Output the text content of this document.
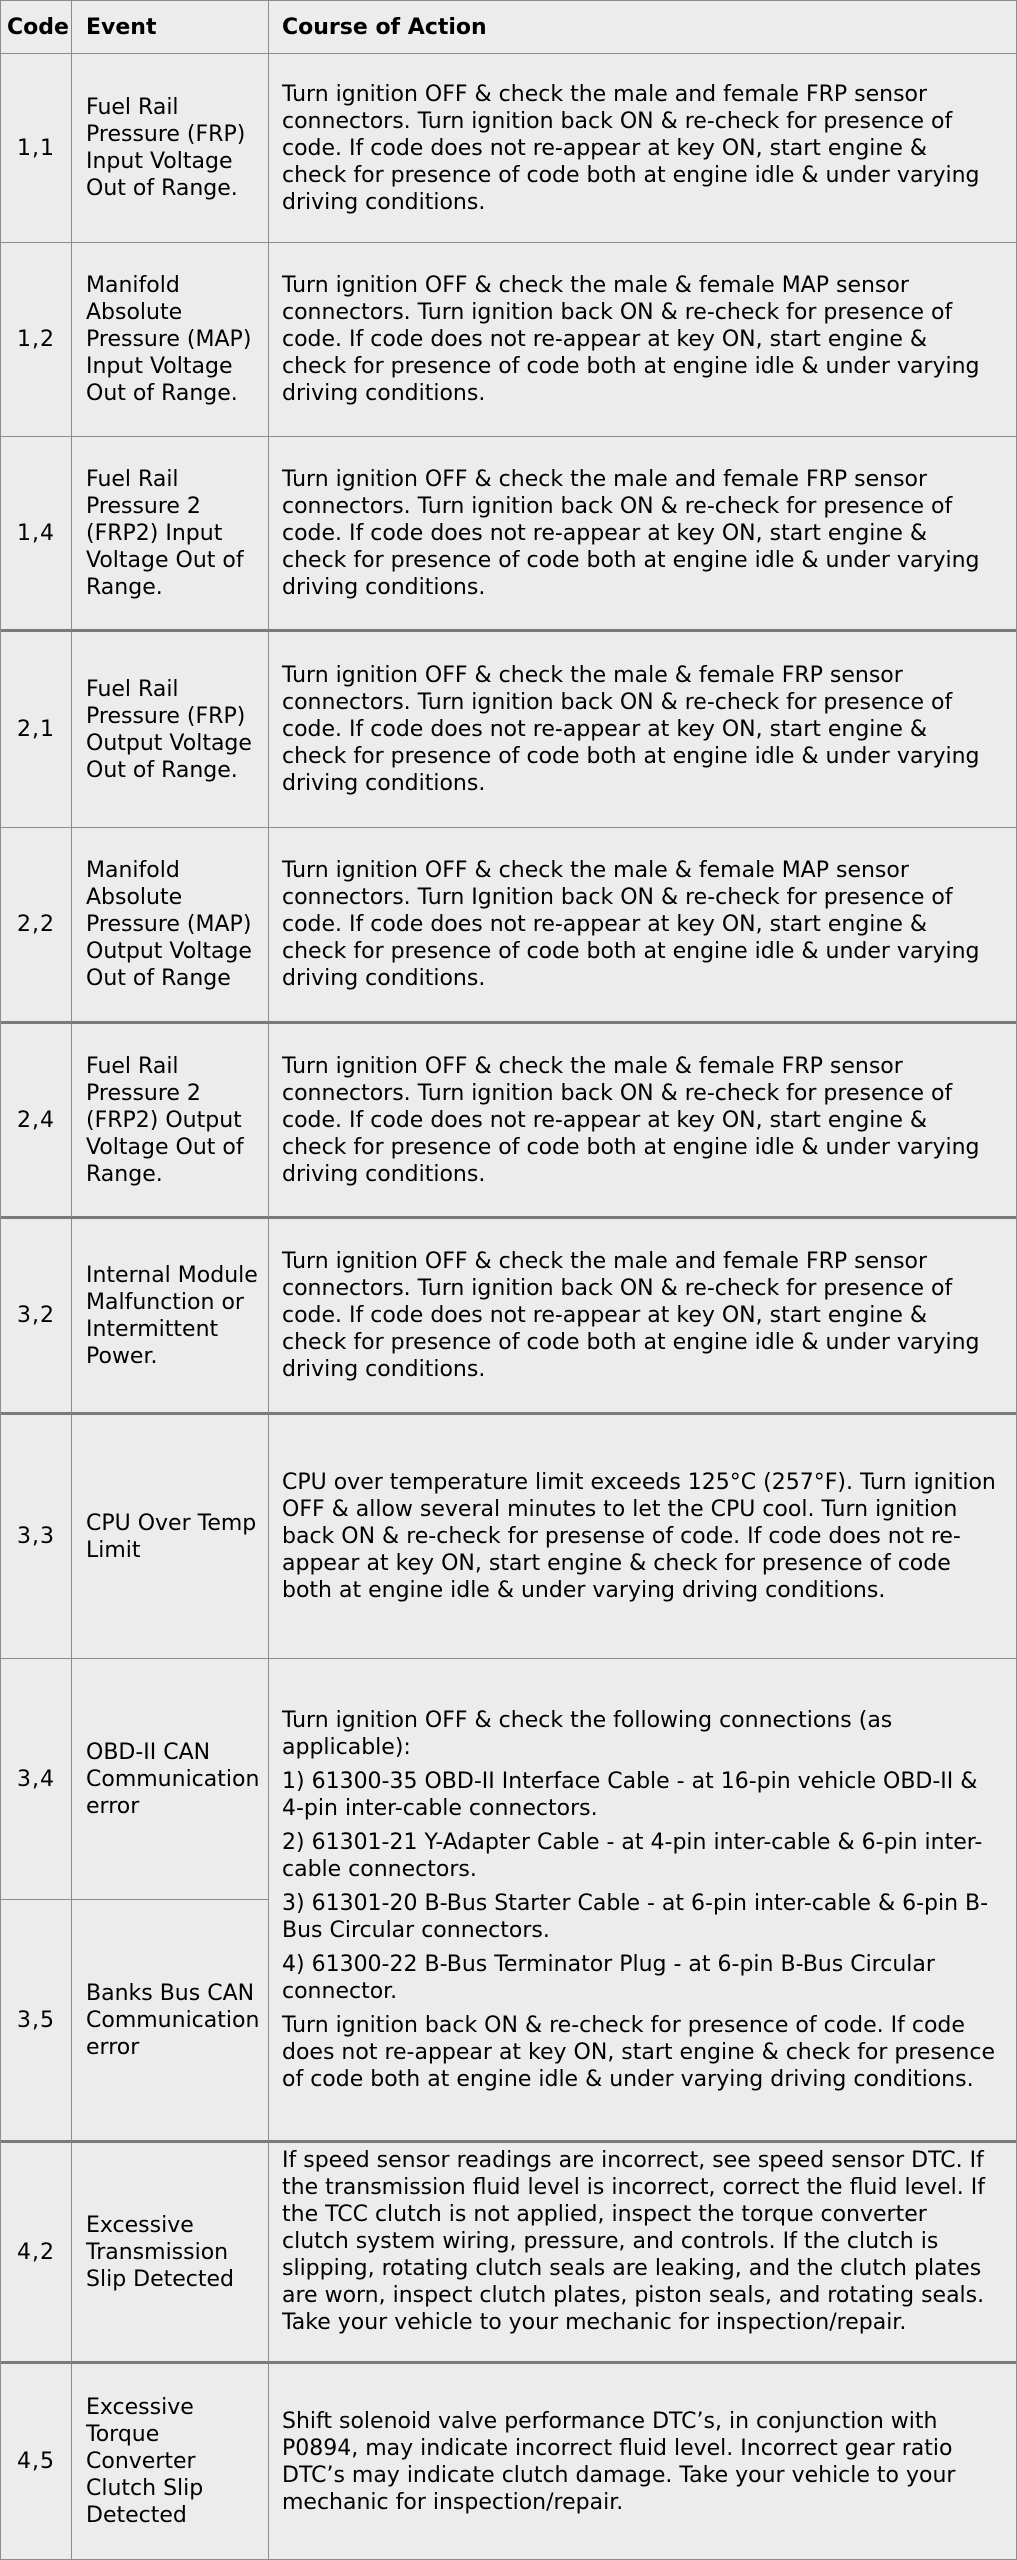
Code Event	Course of Action
1,1
Fuel Rail Pressure (FRP) Input Voltage Out of Range.
Turn ignition OFF & check the male and female FRP sensor connectors. Turn ignition back ON & re-check for presence of code. If code does not re-appear at key ON, start engine & check for presence of code both at engine idle & under varying driving conditions.
1,2
Manifold Absolute Pressure (MAP) Input Voltage Out of Range.
Turn ignition OFF & check the male & female MAP sensor connectors. Turn ignition back ON & re-check for presence of code. If code does not re-appear at key ON, start engine & check for presence of code both at engine idle & under varying driving conditions.
1,4
Fuel Rail Pressure 2 (FRP2) Input Voltage Out of Range.
Turn ignition OFF & check the male and female FRP sensor connectors. Turn ignition back ON & re-check for presence of code. If code does not re-appear at key ON, start engine & check for presence of code both at engine idle & under varying driving conditions.
2,1
Fuel Rail Pressure (FRP) Output Voltage Out of Range.
Turn ignition OFF & check the male & female FRP sensor connectors. Turn ignition back ON & re-check for presence of code. If code does not re-appear at key ON, start engine & check for presence of code both at engine idle & under varying driving conditions.
2,2
Manifold Absolute Pressure (MAP) Output Voltage Out of Range
Turn ignition OFF & check the male & female MAP sensor connectors. Turn Ignition back ON & re-check for presence of code. If code does not re-appear at key ON, start engine & check for presence of code both at engine idle & under varying driving conditions.
2,4
Fuel Rail Pressure 2 (FRP2) Output Voltage Out of Range.
Turn ignition OFF & check the male & female FRP sensor connectors. Turn ignition back ON & re-check for presence of code. If code does not re-appear at key ON, start engine & check for presence of code both at engine idle & under varying driving conditions.
3,2
Internal Module Malfunction or Intermittent Power.
Turn ignition OFF & check the male and female FRP sensor connectors. Turn ignition back ON & re-check for presence of code. If code does not re-appear at key ON, start engine & check for presence of code both at engine idle & under varying driving conditions.
3,3
CPU Over Temp Limit
CPU over temperature limit exceeds 125°C (257°F). Turn ignition OFF & allow several minutes to let the CPU cool. Turn ignition back ON & re-check for presense of code. If code does not re-appear at key ON, start engine & check for presence of code both at engine idle & under varying driving conditions.
3,4
OBD-II CAN Communication error
3,5
Banks Bus CAN Communication error

Turn ignition OFF & check the following connections (as applicable):

1) 61300-35 OBD-II Interface Cable - at 16-pin vehicle OBD-II & 4-pin inter-cable connectors.

2) 61301-21 Y-Adapter Cable - at 4-pin inter-cable & 6-pin inter-cable connectors.

3) 61301-20 B-Bus Starter Cable - at 6-pin inter-cable & 6-pin B-Bus Circular connectors.

4) 61300-22 B-Bus Terminator Plug - at 6-pin B-Bus Circular connector.

Turn ignition back ON & re-check for presence of code. If code does not re-appear at key ON, start engine & check for presence of code both at engine idle & under varying driving conditions.

4,2
Excessive Transmission Slip Detected
If speed sensor readings are incorrect, see speed sensor DTC. If the transmission fluid level is incorrect, correct the fluid level. If the TCC clutch is not applied, inspect the torque converter clutch system wiring, pressure, and controls. If the clutch is slipping, rotating clutch seals are leaking, and the clutch plates are worn, inspect clutch plates, piston seals, and rotating seals. Take your vehicle to your mechanic for inspection/repair.
4,5
Excessive Torque Converter Clutch Slip Detected
Shift solenoid valve performance DTC’s, in conjunction with P0894, may indicate incorrect fluid level. Incorrect gear ratio DTC’s may indicate clutch damage. Take your vehicle to your mechanic for inspection/repair.
